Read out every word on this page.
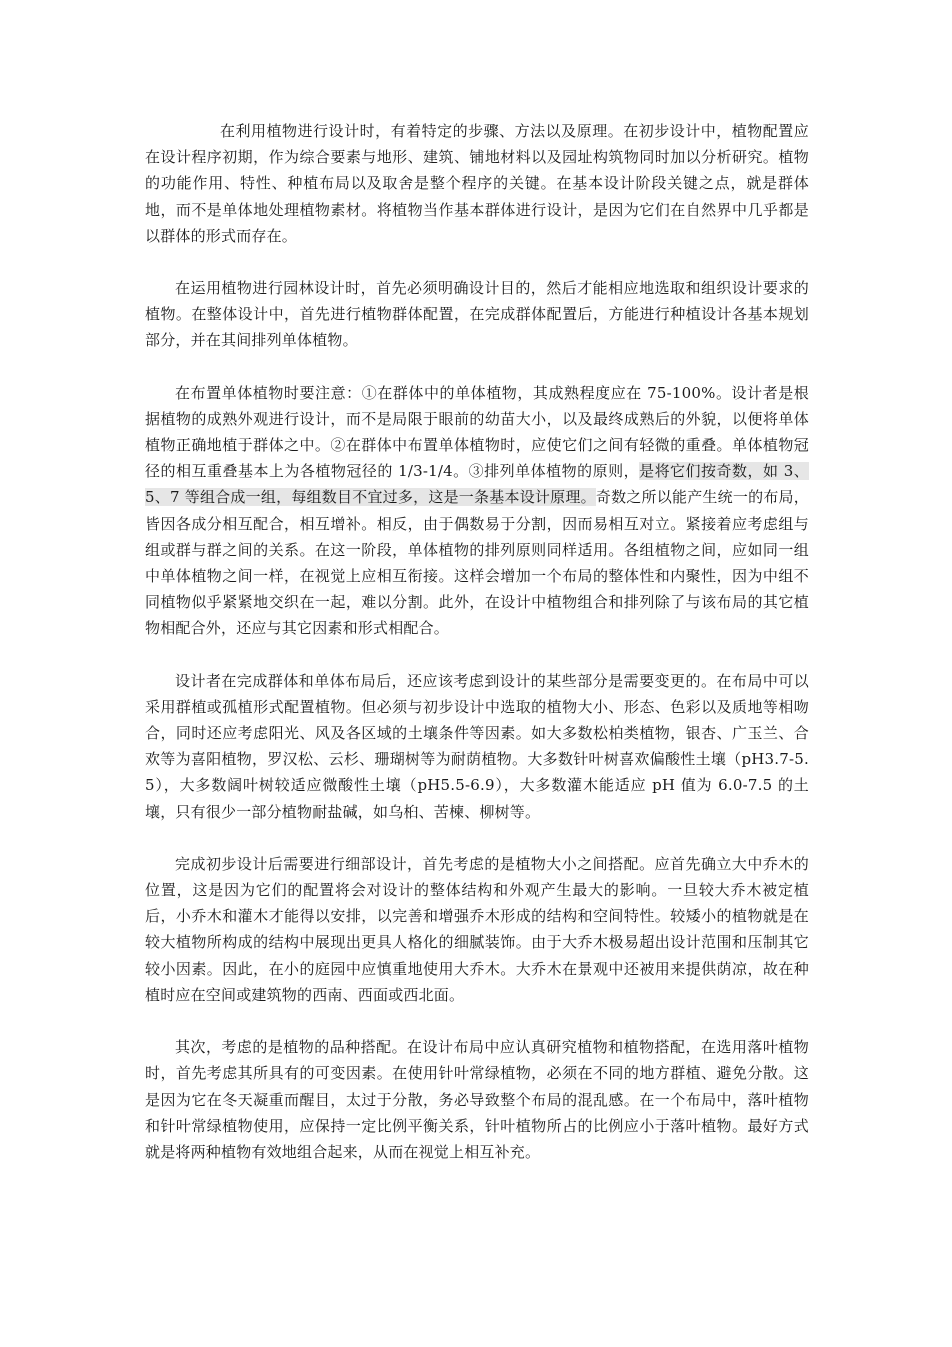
在利用植物进行设计时，有着特定的步骤、方法以及原理。在初步设计中，植物配置应在设计程序初期，作为综合要素与地形、建筑、铺地材料以及园址构筑物同时加以分析研究。植物的功能作用、特性、种植布局以及取舍是整个程序的关键。在基本设计阶段关键之点，就是群体地，而不是单体地处理植物素材。将植物当作基本群体进行设计，是因为它们在自然界中几乎都是以群体的形式而存在。

在运用植物进行园林设计时，首先必须明确设计目的，然后才能相应地选取和组织设计要求的植物。在整体设计中，首先进行植物群体配置，在完成群体配置后，方能进行种植设计各基本规划部分，并在其间排列单体植物。

在布置单体植物时要注意：①在群体中的单体植物，其成熟程度应在 75-100%。设计者是根据植物的成熟外观进行设计，而不是局限于眼前的幼苗大小，以及最终成熟后的外貌，以便将单体植物正确地植于群体之中。②在群体中布置单体植物时，应使它们之间有轻微的重叠。单体植物冠径的相互重叠基本上为各植物冠径的 1/3-1/4。③排列单体植物的原则，是将它们按奇数，如 3、5、7 等组合成一组，每组数目不宜过多，这是一条基本设计原理。奇数之所以能产生统一的布局，皆因各成分相互配合，相互增补。相反，由于偶数易于分割，因而易相互对立。紧接着应考虑组与组或群与群之间的关系。在这一阶段，单体植物的排列原则同样适用。各组植物之间，应如同一组中单体植物之间一样，在视觉上应相互衔接。这样会增加一个布局的整体性和内聚性，因为中组不同植物似乎紧紧地交织在一起，难以分割。此外，在设计中植物组合和排列除了与该布局的其它植物相配合外，还应与其它因素和形式相配合。

设计者在完成群体和单体布局后，还应该考虑到设计的某些部分是需要变更的。在布局中可以采用群植或孤植形式配置植物。但必须与初步设计中选取的植物大小、形态、色彩以及质地等相吻合，同时还应考虑阳光、风及各区域的土壤条件等因素。如大多数松柏类植物，银杏、广玉兰、合欢等为喜阳植物，罗汉松、云杉、珊瑚树等为耐荫植物。大多数针叶树喜欢偏酸性土壤（pH3.7-5.5），大多数阔叶树较适应微酸性土壤（pH5.5-6.9），大多数灌木能适应 pH 值为 6.0-7.5 的土壤，只有很少一部分植物耐盐碱，如乌桕、苦楝、柳树等。

完成初步设计后需要进行细部设计，首先考虑的是植物大小之间搭配。应首先确立大中乔木的位置，这是因为它们的配置将会对设计的整体结构和外观产生最大的影响。一旦较大乔木被定植后，小乔木和灌木才能得以安排，以完善和增强乔木形成的结构和空间特性。较矮小的植物就是在较大植物所构成的结构中展现出更具人格化的细腻装饰。由于大乔木极易超出设计范围和压制其它较小因素。因此，在小的庭园中应慎重地使用大乔木。大乔木在景观中还被用来提供荫凉，故在种植时应在空间或建筑物的西南、西面或西北面。

其次，考虑的是植物的品种搭配。在设计布局中应认真研究植物和植物搭配，在选用落叶植物时，首先考虑其所具有的可变因素。在使用针叶常绿植物，必须在不同的地方群植、避免分散。这是因为它在冬天凝重而醒目，太过于分散，务必导致整个布局的混乱感。在一个布局中，落叶植物和针叶常绿植物使用，应保持一定比例平衡关系，针叶植物所占的比例应小于落叶植物。最好方式就是将两种植物有效地组合起来，从而在视觉上相互补充。
